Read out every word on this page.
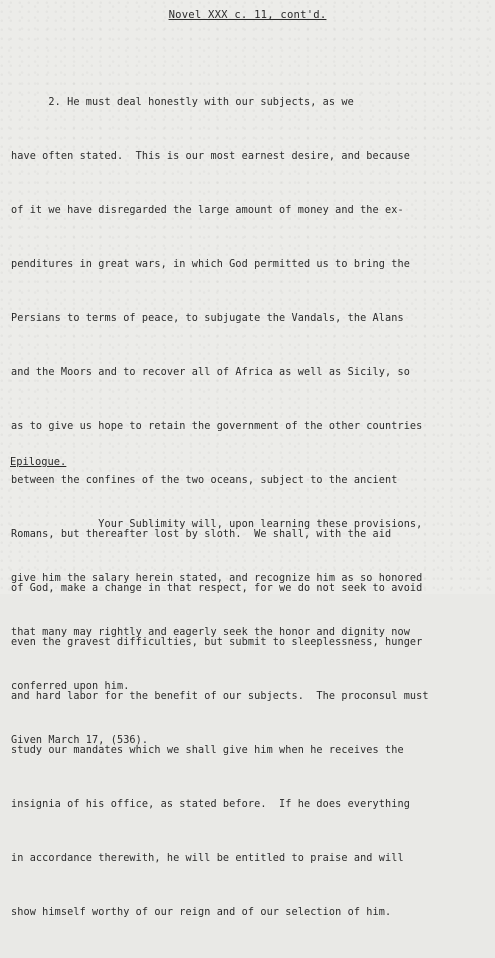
Novel XXX c. 11, cont'd.

2. He must deal honestly with our subjects, as we

have often stated.  This is our most earnest desire, and because

of it we have disregarded the large amount of money and the ex-

penditures in great wars, in which God permitted us to bring the

Persians to terms of peace, to subjugate the Vandals, the Alans

and the Moors and to recover all of Africa as well as Sicily, so

as to give us hope to retain the government of the other countries

between the confines of the two oceans, subject to the ancient

Romans, but thereafter lost by sloth.  We shall, with the aid

of God, make a change in that respect, for we do not seek to avoid

even the gravest difficulties, but submit to sleeplessness, hunger

and hard labor for the benefit of our subjects.  The proconsul must

study our mandates which we shall give him when he receives the

insignia of his office, as stated before.  If he does everything

in accordance therewith, he will be entitled to praise and will

show himself worthy of our reign and of our selection of him.

Epilogue.

Your Sublimity will, upon learning these provisions,

give him the salary herein stated, and recognize him as so honored

that many may rightly and eagerly seek the honor and dignity now

conferred upon him.

Given March 17, (536).
